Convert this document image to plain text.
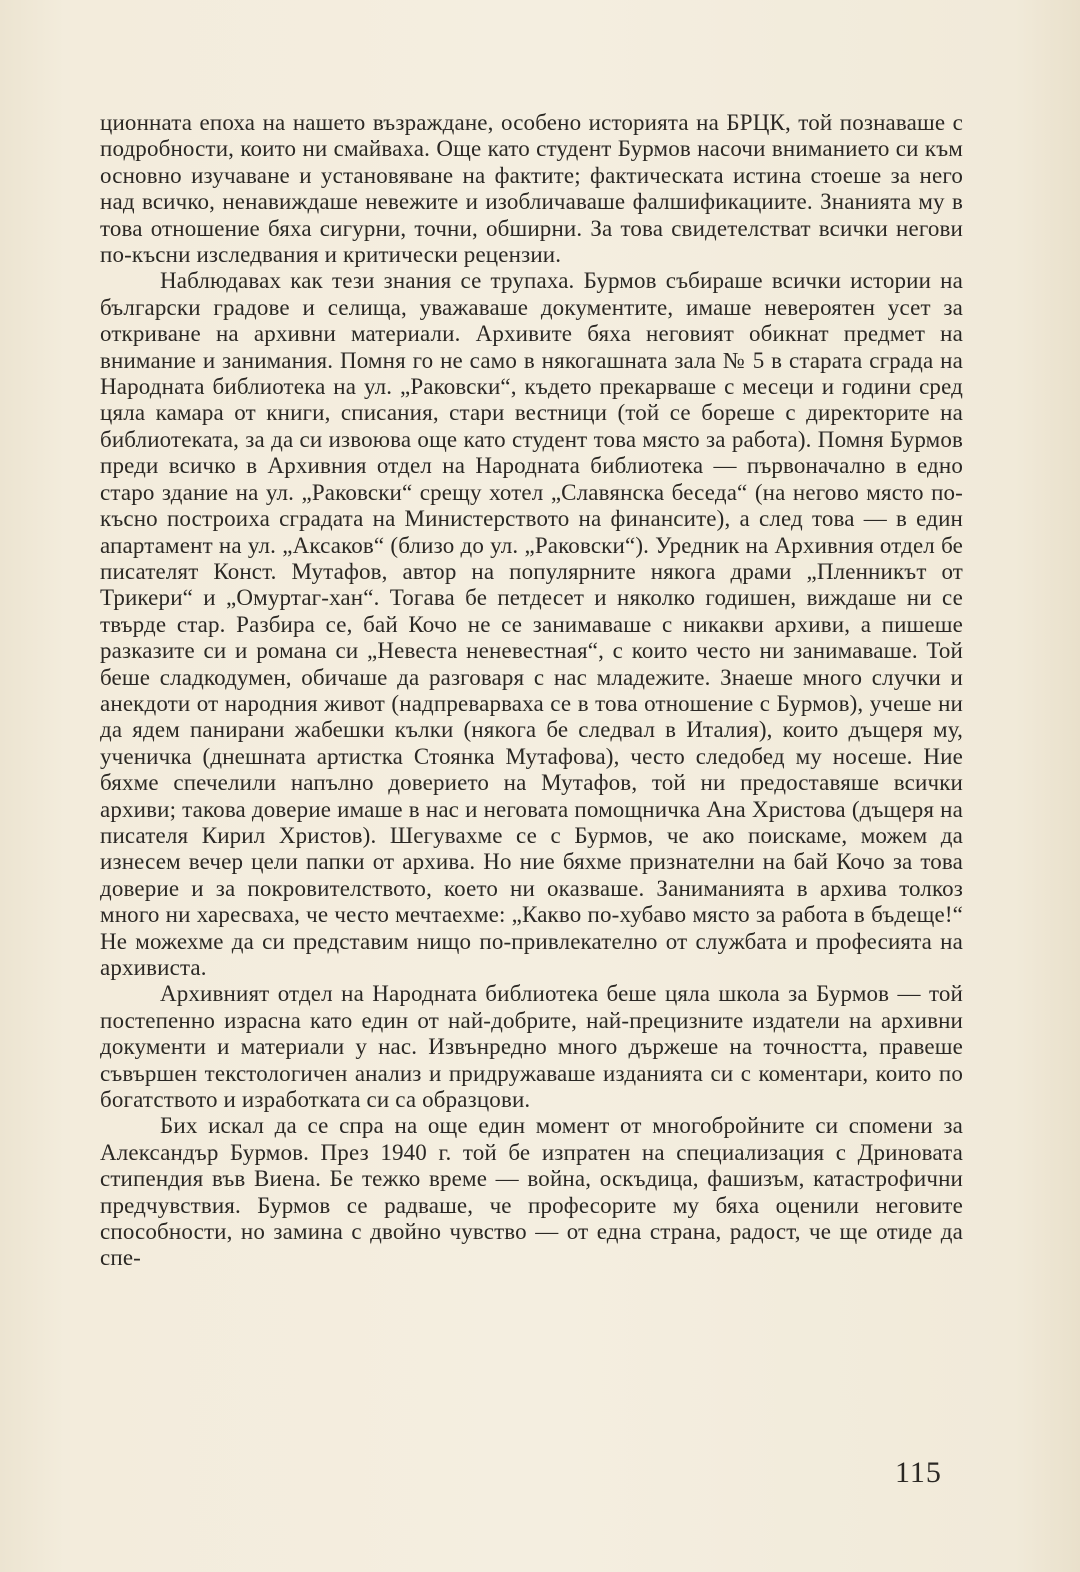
ционната епоха на нашето възраждане, особено историята на БРЦК, той познаваше с подробности, които ни смайваха. Още като студент Бурмов насочи вниманието си към основно изучаване и установяване на фактите; фактическата истина стоеше за него над всичко, ненавиждаше невежите и изобличаваше фалшификациите. Знанията му в това отношение бяха сигурни, точни, обширни. За това свидетелстват всички негови по-късни изследвания и критически рецензии.

Наблюдавах как тези знания се трупаха. Бурмов събираше всички истории на български градове и селища, уважаваше документите, имаше невероятен усет за откриване на архивни материали. Архивите бяха неговият обикнат предмет на внимание и занимания. Помня го не само в някогашната зала № 5 в старата сграда на Народната библиотека на ул. „Раковски“, където прекарваше с месеци и години сред цяла камара от книги, списания, стари вестници (той се бореше с директорите на библиотеката, за да си извоюва още като студент това място за работа). Помня Бурмов преди всичко в Архивния отдел на Народната библиотека — първоначално в едно старо здание на ул. „Раковски“ срещу хотел „Славянска беседа“ (на негово място по-късно построиха сградата на Министерството на финансите), а след това — в един апартамент на ул. „Аксаков“ (близо до ул. „Раковски“). Уредник на Архивния отдел бе писателят Конст. Мутафов, автор на популярните някога драми „Пленникът от Трикери“ и „Омуртаг-хан“. Тогава бе петдесет и няколко годишен, виждаше ни се твърде стар. Разбира се, бай Кочо не се занимаваше с никакви архиви, а пишеше разказите си и романа си „Невеста неневестная“, с които често ни занимаваше. Той беше сладкодумен, обичаше да разговаря с нас младежите. Знаеше много случки и анекдоти от народния живот (надпреварваха се в това отношение с Бурмов), учеше ни да ядем панирани жабешки кълки (някога бе следвал в Италия), които дъщеря му, ученичка (днешната артистка Стоянка Мутафова), често следобед му носеше. Ние бяхме спечелили напълно доверието на Мутафов, той ни предоставяше всички архиви; такова доверие имаше в нас и неговата помощничка Ана Христова (дъщеря на писателя Кирил Христов). Шегувахме се с Бурмов, че ако поискаме, можем да изнесем вечер цели папки от архива. Но ние бяхме признателни на бай Кочо за това доверие и за покровителството, което ни оказваше. Заниманията в архива толкоз много ни харесваха, че често мечтаехме: „Какво по-хубаво място за работа в бъдеще!“ Не можехме да си представим нищо по-привлекателно от службата и професията на архивиста.

Архивният отдел на Народната библиотека беше цяла школа за Бурмов — той постепенно израсна като един от най-добрите, най-прецизните издатели на архивни документи и материали у нас. Извънредно много държеше на точността, правеше съвършен текстологичен анализ и придружаваше изданията си с коментари, които по богатството и изработката си са образцови.

Бих искал да се спра на още един момент от многобройните си спомени за Александър Бурмов. През 1940 г. той бе изпратен на специализация с Дриновата стипендия във Виена. Бе тежко време — война, оскъдица, фашизъм, катастрофични предчувствия. Бурмов се радваше, че професорите му бяха оценили неговите способности, но замина с двойно чувство — от една страна, радост, че ще отиде да спе-

115
